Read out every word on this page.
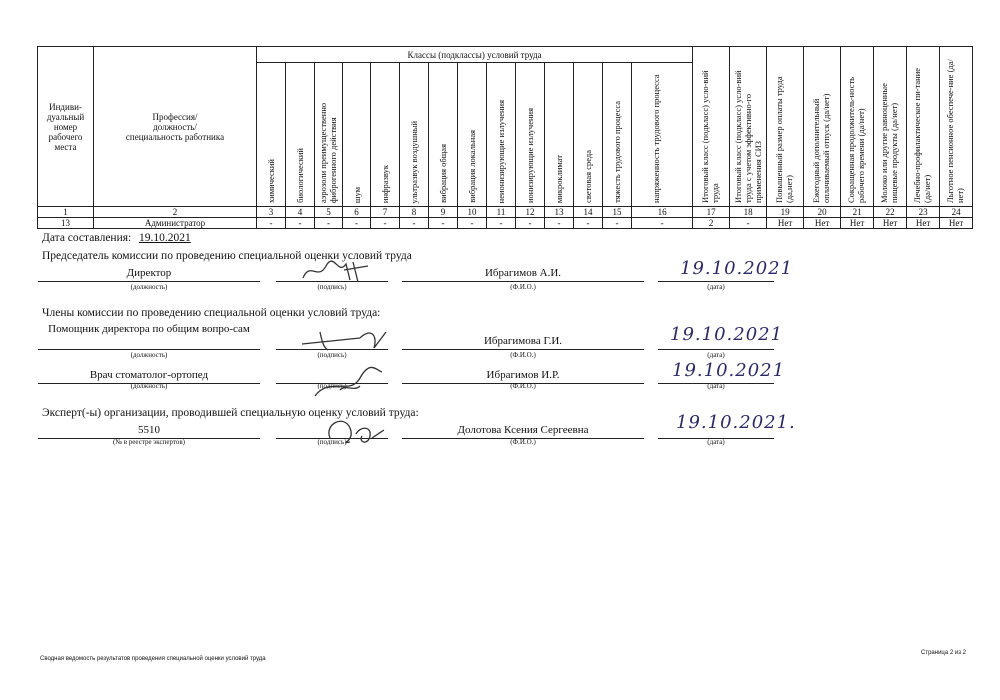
Индиви-
дуальный
номер
рабочего
места	Профессия/
должность/
специальность работника	Классы (подклассы) условий труда														Итоговый класс (подкласс) усло-вий труда	Итоговый класс (подкласс) усло-вий труда с учетом эффективно-го применения СИЗ	Повышенный размер оплаты труда (да,нет)	Ежегодный дополнительный оплачиваемый отпуск (да/нет)	Сокращенная продолжитель-ность рабочего времени (да/нет)	Молоко или другие равноценные пищевые продукты (да/нет)	Лечебно-профилактическое пи-тание (да/нет)	Льготное пенсионное обеспече-ние (да/нет)

		химический	биологический	аэрозоли преимущественно фиброгенного действия	шум	инфразвук	ультразвук воздушный	вибрация общая	вибрация локальная	неионизирующие излучения	ионизирующие излучения	микроклимат	световая среда	тяжесть трудового процесса	напряженность трудового процесса								

1	2	3	4	5	6	7	8	9	10	11	12	13	14	15	16	17	18	19	20	21	22	23	24
13	Администратор	-	-	-	-	-	-	-	-	-	-	-	-	-	-	2	-	Нет	Нет	Нет	Нет	Нет	Нет
Дата составления: 19.10.2021
Председатель комиссии по проведению специальной оценки условий труда
Директор
(должность)	(подпись)
Ибрагимов А.И.
(Ф.И.О.)
19.10.2021
(дата)
Члены комиссии по проведению специальной оценки условий труда:
Помощник директора по общим вопро-сам
(должность)	(подпись)
Ибрагимова Г.И.
(Ф.И.О.)
19.10.2021
(дата)
Врач стоматолог-ортопед
(должность)	(подпись)
Ибрагимов И.Р.
(Ф.И.О.)
19.10.2021
(дата)
Эксперт(-ы) организации, проводившей специальную оценку условий труда:
5510
(№ в реестре экспертов)	(подпись)
Долотова Ксения Сергеевна
(Ф.И.О.)
19.10.2021.
(дата)
Сводная ведомость результатов проведения специальной оценки условий труда
Страница 2 из 2
